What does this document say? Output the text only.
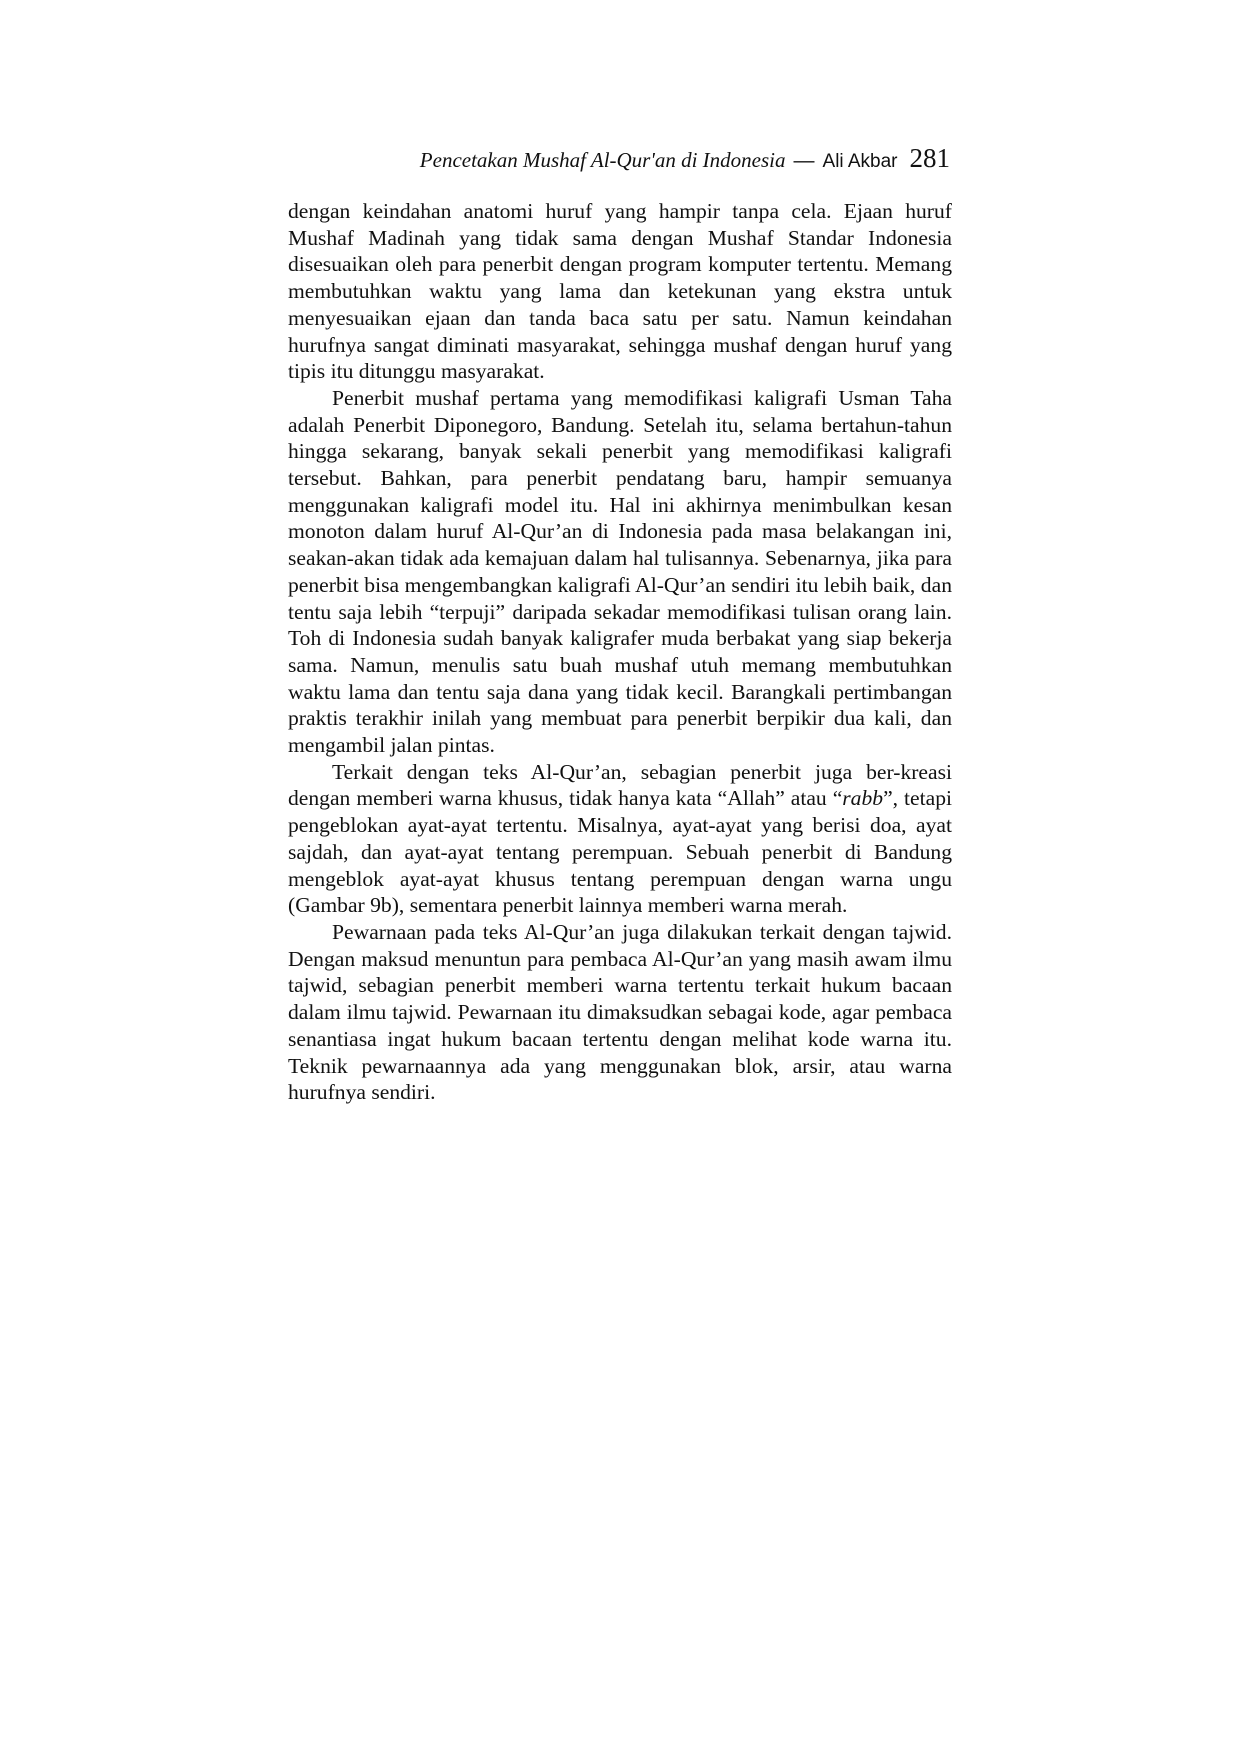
Pencetakan Mushaf Al-Qur'an di Indonesia — Ali Akbar 281

dengan keindahan anatomi huruf yang hampir tanpa cela. Ejaan huruf Mushaf Madinah yang tidak sama dengan Mushaf Standar Indonesia disesuaikan oleh para penerbit dengan program komputer tertentu. Memang membutuhkan waktu yang lama dan ketekunan yang ekstra untuk menyesuaikan ejaan dan tanda baca satu per satu. Namun keindahan hurufnya sangat diminati masyarakat, sehingga mushaf dengan huruf yang tipis itu ditunggu masyarakat.

Penerbit mushaf pertama yang memodifikasi kaligrafi Usman Taha adalah Penerbit Diponegoro, Bandung. Setelah itu, selama bertahun-tahun hingga sekarang, banyak sekali penerbit yang memodifikasi kaligrafi tersebut. Bahkan, para penerbit pendatang baru, hampir semuanya menggunakan kaligrafi model itu. Hal ini akhirnya menimbulkan kesan monoton dalam huruf Al-Qur’an di Indonesia pada masa belakangan ini, seakan-akan tidak ada kemajuan dalam hal tulisannya. Sebenarnya, jika para penerbit bisa mengembangkan kaligrafi Al-Qur’an sendiri itu lebih baik, dan tentu saja lebih “terpuji” daripada sekadar memodifikasi tulisan orang lain. Toh di Indonesia sudah banyak kaligrafer muda berbakat yang siap bekerja sama. Namun, menulis satu buah mushaf utuh memang membutuhkan waktu lama dan tentu saja dana yang tidak kecil. Barangkali pertimbangan praktis terakhir inilah yang membuat para penerbit berpikir dua kali, dan mengambil jalan pintas.

Terkait dengan teks Al-Qur’an, sebagian penerbit juga ber-kreasi dengan memberi warna khusus, tidak hanya kata “Allah” atau “rabb”, tetapi pengeblokan ayat-ayat tertentu. Misalnya, ayat-ayat yang berisi doa, ayat sajdah, dan ayat-ayat tentang perempuan. Sebuah penerbit di Bandung mengeblok ayat-ayat khusus tentang perempuan dengan warna ungu (Gambar 9b), sementara penerbit lainnya memberi warna merah.

Pewarnaan pada teks Al-Qur’an juga dilakukan terkait dengan tajwid. Dengan maksud menuntun para pembaca Al-Qur’an yang masih awam ilmu tajwid, sebagian penerbit memberi warna tertentu terkait hukum bacaan dalam ilmu tajwid. Pewarnaan itu dimaksudkan sebagai kode, agar pembaca senantiasa ingat hukum bacaan tertentu dengan melihat kode warna itu. Teknik pewarnaannya ada yang menggunakan blok, arsir, atau warna hurufnya sendiri.
